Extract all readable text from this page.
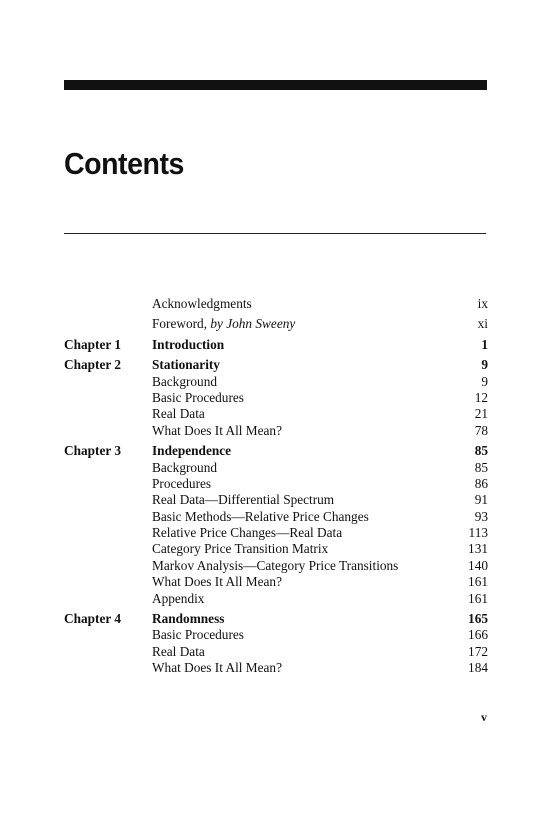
Contents
Acknowledgments	ix
Foreword, by John Sweeny	xi
Chapter 1 Introduction	1
Chapter 2 Stationarity	9
Background	9
Basic Procedures	12
Real Data	21
What Does It All Mean?	78
Chapter 3 Independence	85
Background	85
Procedures	86
Real Data—Differential Spectrum	91
Basic Methods—Relative Price Changes	93
Relative Price Changes—Real Data	113
Category Price Transition Matrix	131
Markov Analysis—Category Price Transitions	140
What Does It All Mean?	161
Appendix	161
Chapter 4 Randomness	165
Basic Procedures	166
Real Data	172
What Does It All Mean?	184
v
